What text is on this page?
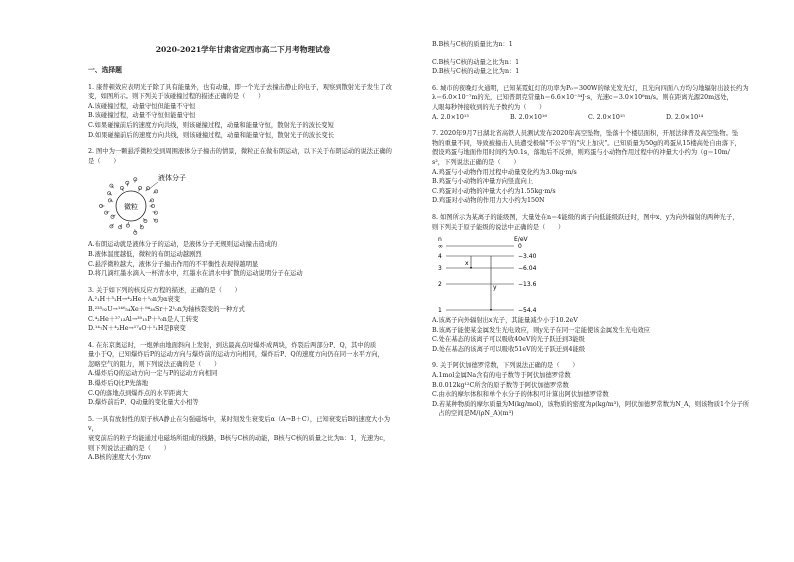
2020-2021学年甘肃省定西市高二下月考物理试卷

一、选择题

1. 康普顿效应表明光子除了具有能量外，也有动量，即一个光子去撞击静止的电子，观察到散射光子发生了改

变，如图所示。则下列关于该碰撞过程的描述正确的是（　　）

A.该碰撞过程，动量守恒但能量不守恒

B.该碰撞过程，动量不守恒但能量守恒

C.如果碰撞前后的速度方向共线，则该碰撞过程，动量和能量守恒，散射光子的波长变短

D.如果碰撞前后的速度方向共线，则该碰撞过程，动量和能量守恒，散射光子的波长变长

2. 图中为一颗悬浮微粒受到周围液体分子撞击的情景，微粒正在做布朗运动，以下关于布朗运动的说法正确的

是（　　）

微粒
液体分子

A.布朗运动就是液体分子的运动，是液体分子无规则运动撞击造成的

B.液体温度越低，微粒的布朗运动越剧烈

C.悬浮微粒越大，液体分子撞击作用的不平衡性表现得越明显

D.将几滴红墨水滴入一杯清水中，红墨水在清水中扩散的运动说明分子在运动

3. 关于如下列的核反应方程的描述，正确的是（　　）

A.²₁H＋³₁H→⁴₂He＋¹₀n为α衰变

B.²³⁵₉₂U→¹⁴⁰₅₄Xe＋⁹⁴₃₈Sr＋2¹₀n为轴核裂变的一种方式

C.⁴₂He＋²⁷₁₃Al→³⁰₁₅P＋¹₀n是人工转变

D.¹⁴₇N＋⁴₂He→¹⁷₈O＋¹₁H是β衰变

4. 在东京奥运时，一炮弹由地面斜向上发射，到达最高点时爆炸成两块，炸裂后两部分P、Q，其中的质

量小于Q，已知爆炸后P的运动方向与爆炸前的运动方向相同，爆炸后P、Q的速度方向仍在同一水平方向，

忽略空气的阻力，则下列说法正确的是（　　）

A.爆炸后Q的运动方向一定与P的运动方向相同

B.爆炸后Q比P先落地

C.Q的落地点到爆炸点的水平距离大

D.爆炸前后P、Q动量的变化量大小相等

5. 一具有放射性的原子核A静止在匀强磁场中，某时刻发生衰变后α（A→B＋C），已知衰变后B的速度大小为v，

衰变前后的粒子均能通过电磁场所组成的线路，B核与C核的动能，B核与C核的质量之比为n：1，光速为c，

则下列说法正确的是（　　）

A.B核的速度大小为nv

B.B核与C核的质量比为n：1

C.B核与C核的动量之比为n：1

D.B核与C核的动量之比为n：1

6. 城市的夜晚灯火通明，已知某霓虹灯的功率为P₀＝300W的绿光发光灯，且光向四面八方均匀地辐射出波长约为

λ＝6.0×10⁻⁷m的光，已知普朗克常量h＝6.6×10⁻³⁴J·s，光速c＝3.0×10⁸m/s。则在距离光源20m远处，

人眼每秒钟接收到的光子数约为（　　）

A. 2.0×10¹³	B. 2.0×10¹⁶	C. 2.0×10¹⁵	D. 2.0×10¹⁴

7. 2020年9月7日湖北省高铁人员测试发布2020年高空坠物，坠落十个楼层面积，开展法律普及高空坠物。坠

物的重量不同，导致被撞击人员遭受极端"不公平"的"灾上加灾"。已知质量为50g的鸡蛋从15楼高处自由落下，

假设鸡蛋与地面作用时间约为0.1s，落地后不反弹，则鸡蛋与小动物作用过程中的冲量大小约为（g＝10m/

s²，下列说法正确的是（　　）

A.鸡蛋与小动物作用过程中动量变化约为3.0kg·m/s

B.鸡蛋与小动物的冲量方向竖直向上

C.鸡蛋对小动物的冲量大小约为1.55kg·m/s

D.鸡蛋对小动物的作用力大小约为150N

8. 如图所示为某离子的能级图，大量处在n＝4能级的离子向低能级跃迁时，图中x、y为向外辐射的两种光子，

则下列关于原子能级的说法中正确的是（　　）

n	E/eV
∞	0
4	−3.40
3	−6.04
2	−13.6
1	−54.4
x
y

A.该离子向外辐射出x光子，其能量减少小于10.2eV

B.该离子能使某金属发生光电效应，则y光子在同一定能使该金属发生光电效应

C.处在基态的该离子可以吸收40eV的光子跃迁到3能级

D.处在基态的该离子可以吸收51eV的光子跃迁到4能级

9. 关于阿伏加德罗常数，下列说法正确的是（　　）

A.1mol金属Na含有的电子数等于阿伏加德罗常数

B.0.012kg¹²C所含的原子数等于阿伏加德罗常数

C.由水的摩尔体积和单个水分子的体积可计算出阿伏加德罗常数

D.若某种物质的摩尔质量为M(kg/mol)，该物质的密度为ρ(kg/m³)，阿伏加德罗常数为N_A，则该物质1个分子所

　占的空间是M/(ρN_A)(m³)
